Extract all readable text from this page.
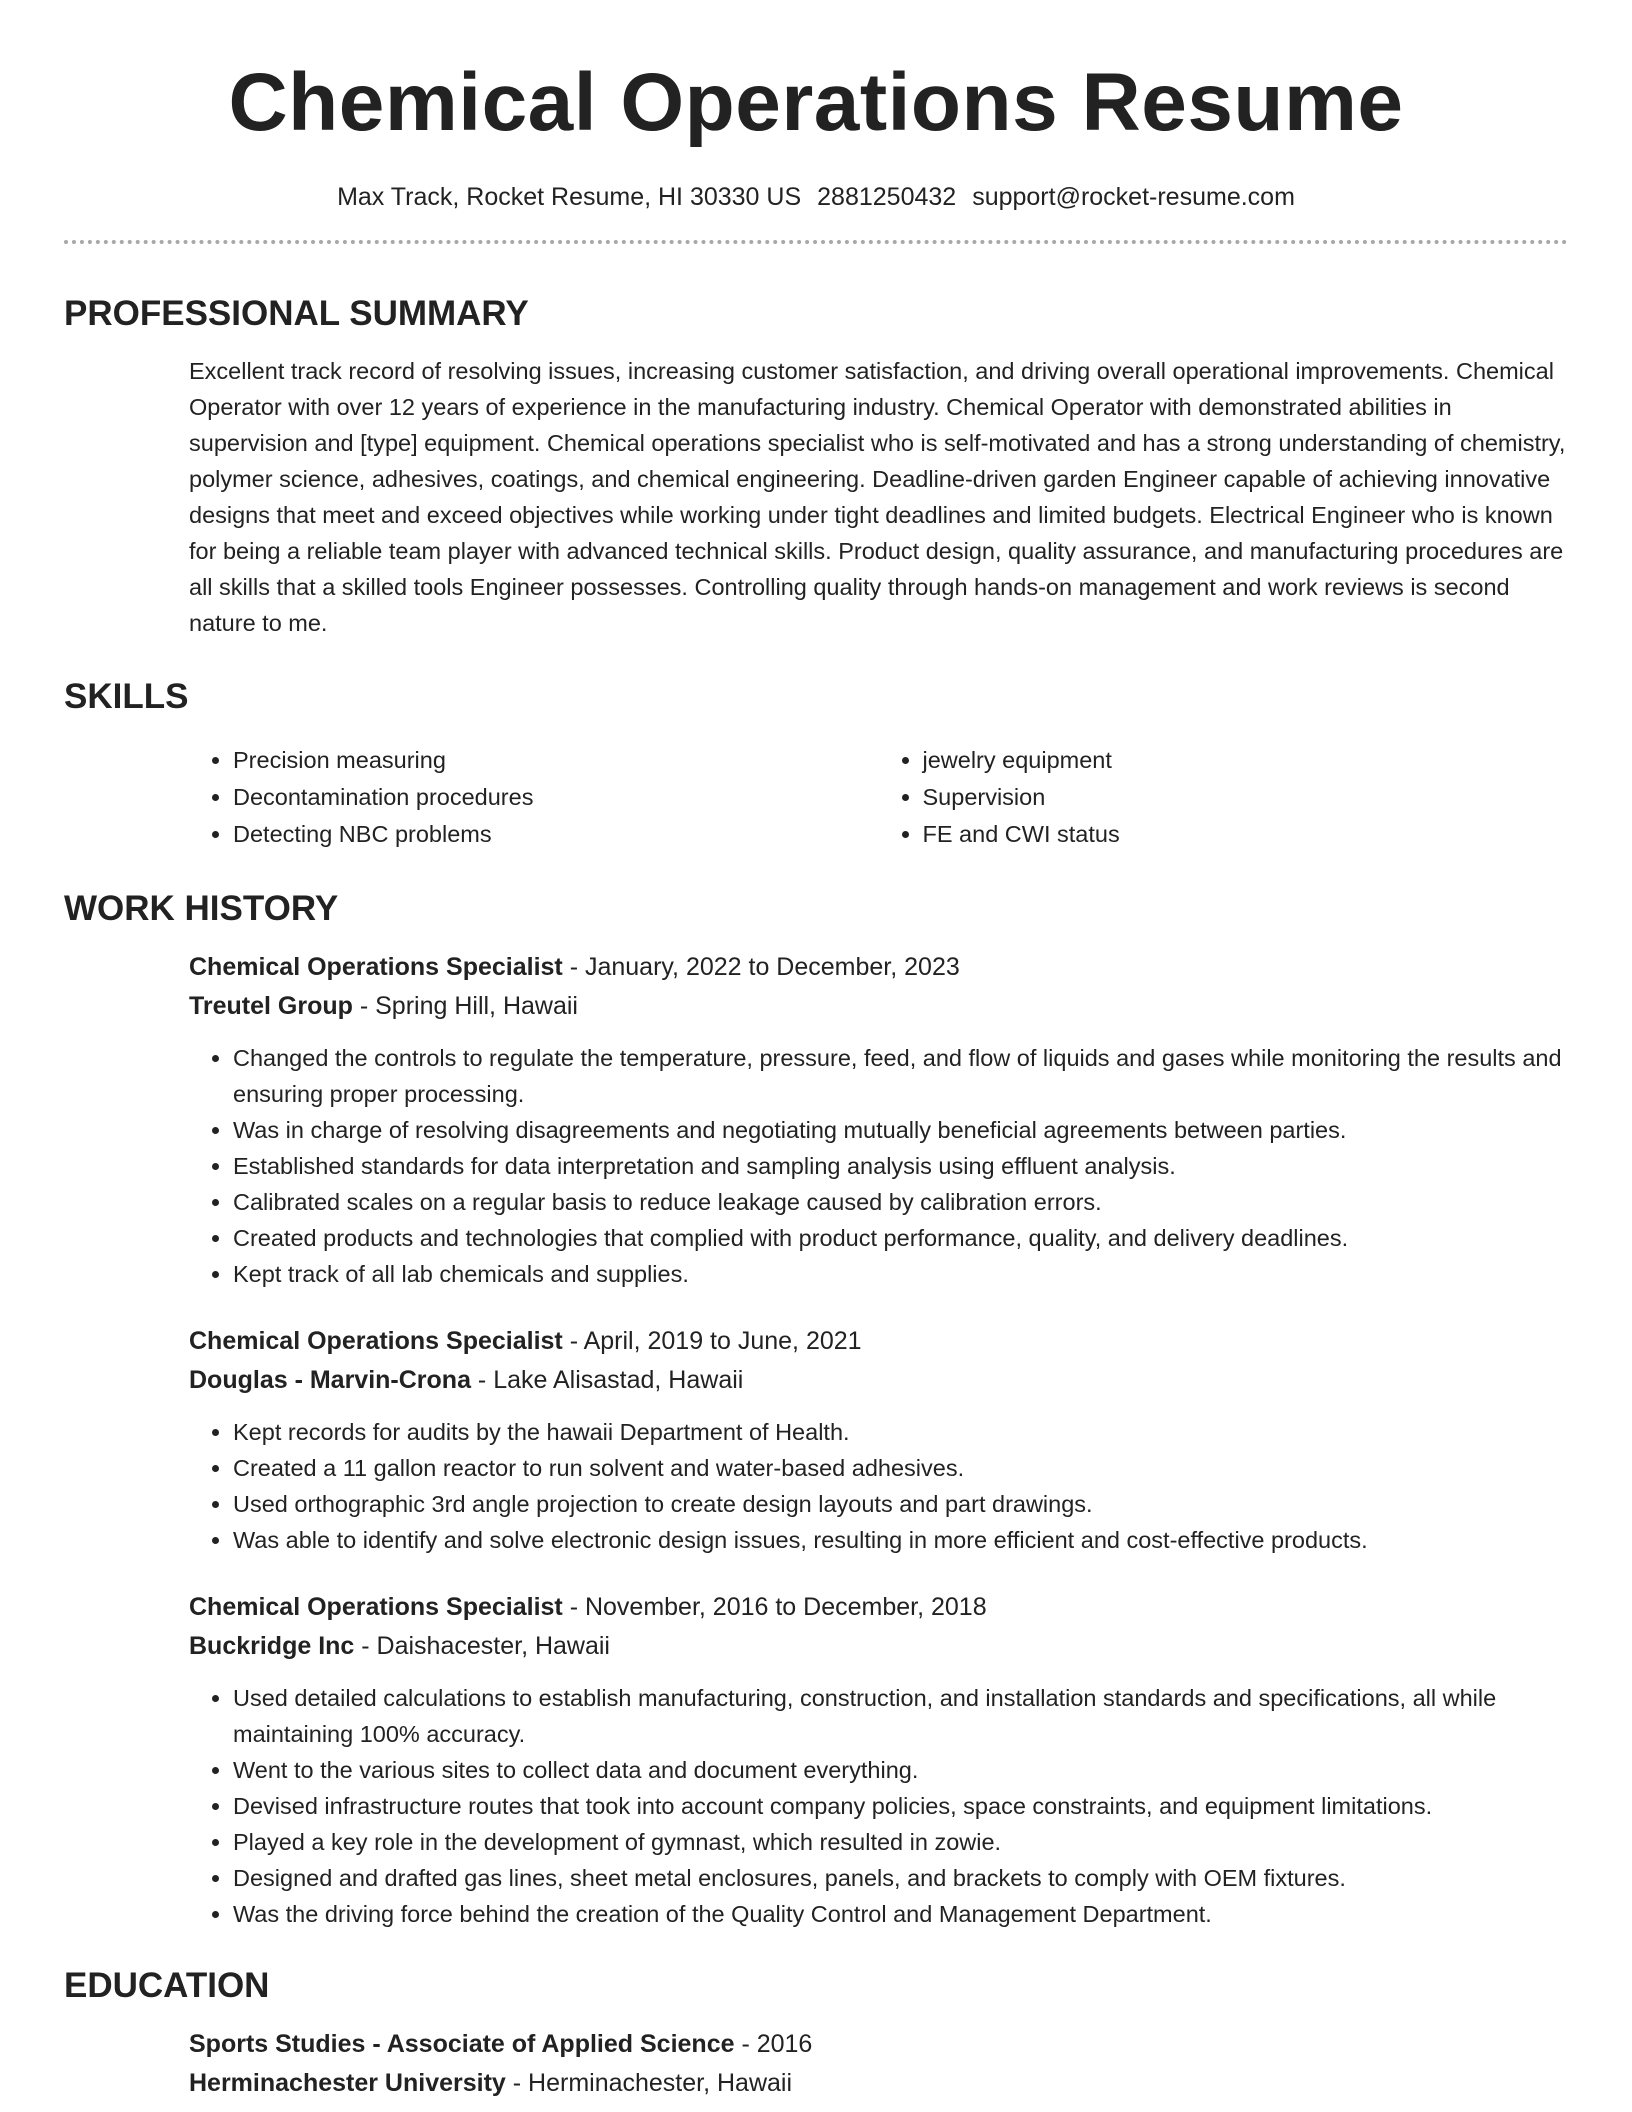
Chemical Operations Resume
Max Track, Rocket Resume, HI 30330 US 2881250432 support@rocket-resume.com
PROFESSIONAL SUMMARY

Excellent track record of resolving issues, increasing customer satisfaction, and driving overall operational improvements. Chemical Operator with over 12 years of experience in the manufacturing industry. Chemical Operator with demonstrated abilities in supervision and [type] equipment. Chemical operations specialist who is self-motivated and has a strong understanding of chemistry, polymer science, adhesives, coatings, and chemical engineering. Deadline-driven garden Engineer capable of achieving innovative designs that meet and exceed objectives while working under tight deadlines and limited budgets. Electrical Engineer who is known for being a reliable team player with advanced technical skills. Product design, quality assurance, and manufacturing procedures are all skills that a skilled tools Engineer possesses. Controlling quality through hands-on management and work reviews is second nature to me.

SKILLS
• Precision measuring
• Decontamination procedures
• Detecting NBC problems
• jewelry equipment
• Supervision
• FE and CWI status
WORK HISTORY
Chemical Operations Specialist - January, 2022 to December, 2023
Treutel Group - Spring Hill, Hawaii
• Changed the controls to regulate the temperature, pressure, feed, and flow of liquids and gases while monitoring the results and ensuring proper processing.
• Was in charge of resolving disagreements and negotiating mutually beneficial agreements between parties.
• Established standards for data interpretation and sampling analysis using effluent analysis.
• Calibrated scales on a regular basis to reduce leakage caused by calibration errors.
• Created products and technologies that complied with product performance, quality, and delivery deadlines.
• Kept track of all lab chemicals and supplies.
Chemical Operations Specialist - April, 2019 to June, 2021
Douglas - Marvin-Crona - Lake Alisastad, Hawaii
• Kept records for audits by the hawaii Department of Health.
• Created a 11 gallon reactor to run solvent and water-based adhesives.
• Used orthographic 3rd angle projection to create design layouts and part drawings.
• Was able to identify and solve electronic design issues, resulting in more efficient and cost-effective products.
Chemical Operations Specialist - November, 2016 to December, 2018
Buckridge Inc - Daishacester, Hawaii
• Used detailed calculations to establish manufacturing, construction, and installation standards and specifications, all while maintaining 100% accuracy.
• Went to the various sites to collect data and document everything.
• Devised infrastructure routes that took into account company policies, space constraints, and equipment limitations.
• Played a key role in the development of gymnast, which resulted in zowie.
• Designed and drafted gas lines, sheet metal enclosures, panels, and brackets to comply with OEM fixtures.
• Was the driving force behind the creation of the Quality Control and Management Department.
EDUCATION
Sports Studies - Associate of Applied Science - 2016
Herminachester University - Herminachester, Hawaii
